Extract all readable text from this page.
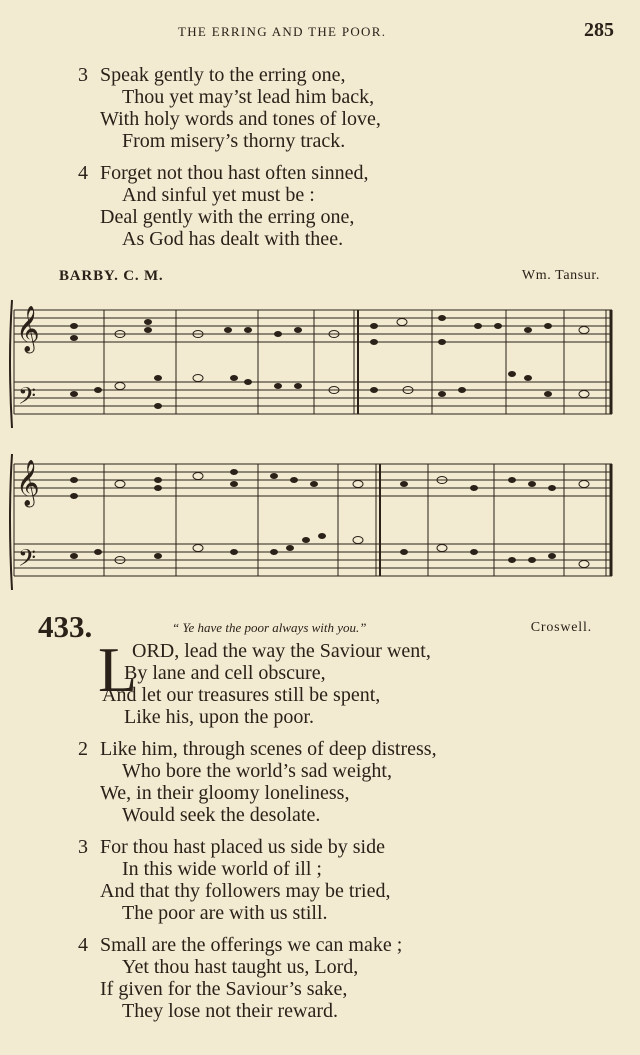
THE ERRING AND THE POOR.	285
3 Speak gently to the erring one,
Thou yet may’st lead him back,
With holy words and tones of love,
From misery’s thorny track.
4 Forget not thou hast often sinned,
And sinful yet must be :
Deal gently with the erring one,
As God has dealt with thee.
BARBY. C. M.	Wm. Tansur.
𝄞
𝄢
𝄞
𝄢
433.	“ Ye have the poor always with you.”	Croswell.
L
ORD, lead the way the Saviour went,
By lane and cell obscure,
And let our treasures still be spent,
Like his, upon the poor.
2 Like him, through scenes of deep distress,
Who bore the world’s sad weight,
We, in their gloomy loneliness,
Would seek the desolate.
3 For thou hast placed us side by side
In this wide world of ill ;
And that thy followers may be tried,
The poor are with us still.
4 Small are the offerings we can make ;
Yet thou hast taught us, Lord,
If given for the Saviour’s sake,
They lose not their reward.
